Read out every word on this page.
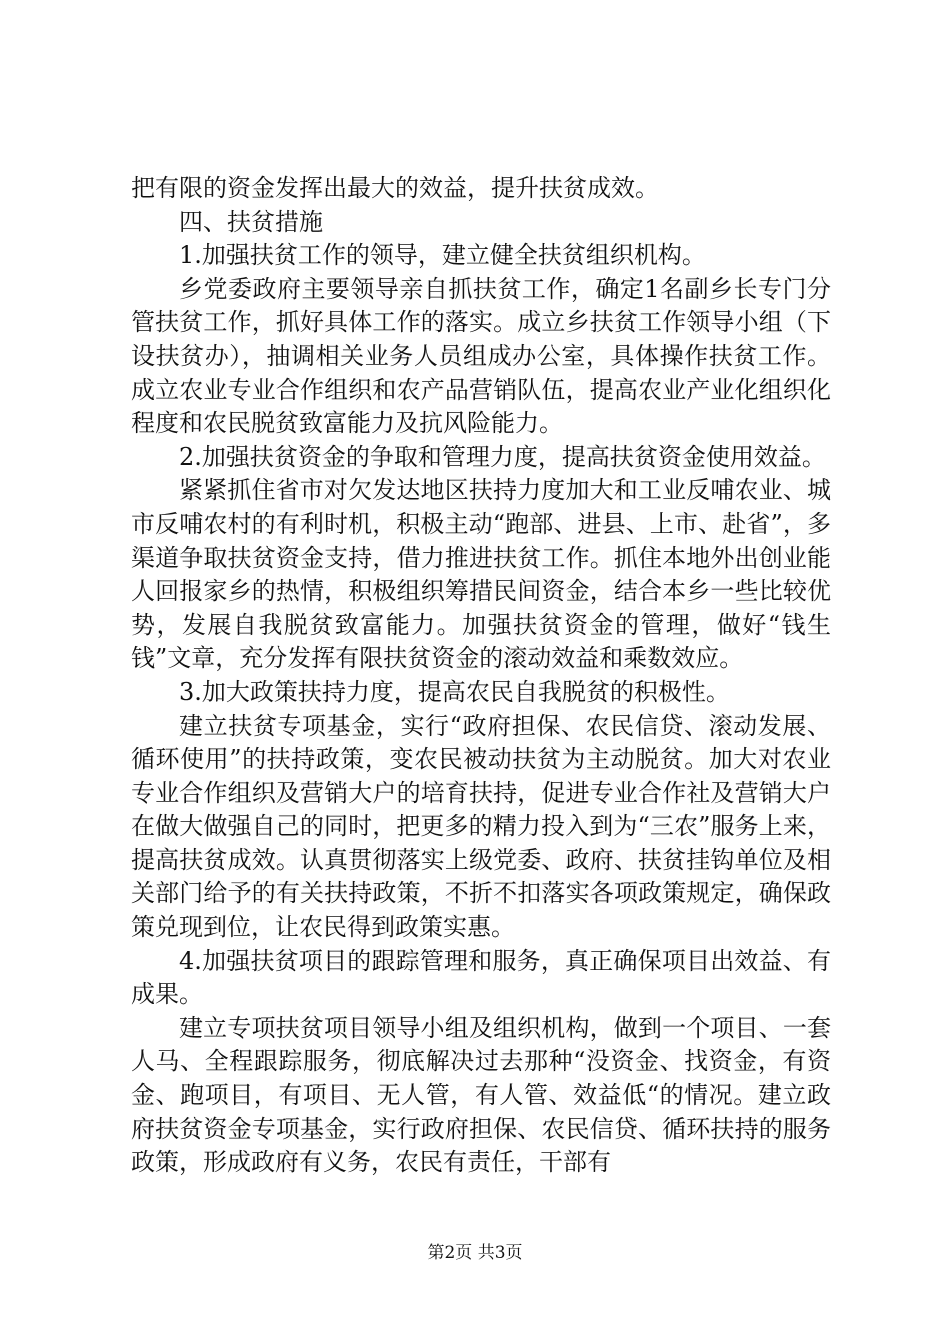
把有限的资金发挥出最大的效益，提升扶贫成效。

四、扶贫措施

1.加强扶贫工作的领导，建立健全扶贫组织机构。

乡党委政府主要领导亲自抓扶贫工作，确定1名副乡长专门分管扶贫工作，抓好具体工作的落实。成立乡扶贫工作领导小组（下设扶贫办），抽调相关业务人员组成办公室，具体操作扶贫工作。成立农业专业合作组织和农产品营销队伍，提高农业产业化组织化程度和农民脱贫致富能力及抗风险能力。

2.加强扶贫资金的争取和管理力度，提高扶贫资金使用效益。

紧紧抓住省市对欠发达地区扶持力度加大和工业反哺农业、城市反哺农村的有利时机，积极主动“跑部、进县、上市、赴省”，多渠道争取扶贫资金支持，借力推进扶贫工作。抓住本地外出创业能人回报家乡的热情，积极组织筹措民间资金，结合本乡一些比较优势，发展自我脱贫致富能力。加强扶贫资金的管理，做好“钱生钱”文章，充分发挥有限扶贫资金的滚动效益和乘数效应。

3.加大政策扶持力度，提高农民自我脱贫的积极性。

建立扶贫专项基金，实行“政府担保、农民信贷、滚动发展、循环使用”的扶持政策，变农民被动扶贫为主动脱贫。加大对农业专业合作组织及营销大户的培育扶持，促进专业合作社及营销大户在做大做强自己的同时，把更多的精力投入到为“三农”服务上来，提高扶贫成效。认真贯彻落实上级党委、政府、扶贫挂钩单位及相关部门给予的有关扶持政策，不折不扣落实各项政策规定，确保政策兑现到位，让农民得到政策实惠。

4.加强扶贫项目的跟踪管理和服务，真正确保项目出效益、有成果。

建立专项扶贫项目领导小组及组织机构，做到一个项目、一套人马、全程跟踪服务，彻底解决过去那种“没资金、找资金，有资金、跑项目，有项目、无人管，有人管、效益低“的情况。建立政府扶贫资金专项基金，实行政府担保、农民信贷、循环扶持的服务政策，形成政府有义务，农民有责任，干部有

第2页 共3页
